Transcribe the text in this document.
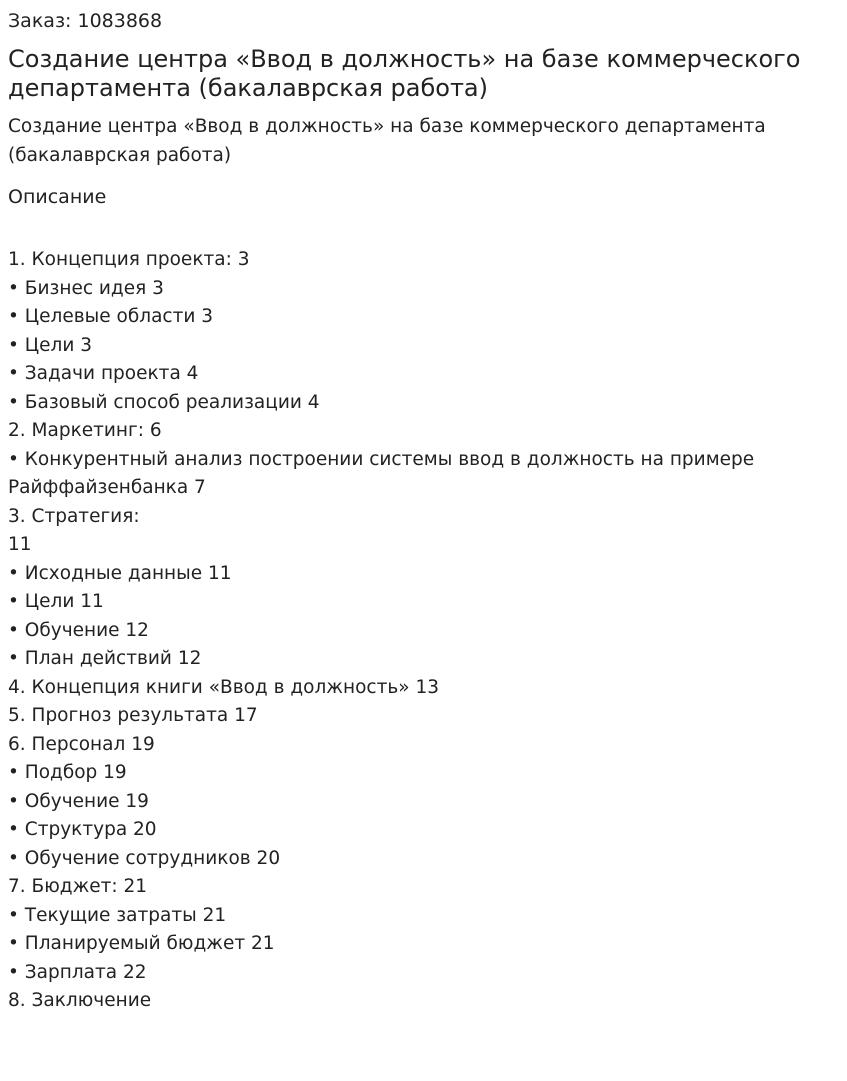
Заказ: 1083868
Создание центра «Ввод в должность» на базе коммерческого департамента (бакалаврская работа)
Создание центра «Ввод в должность» на базе коммерческого департамента (бакалаврская работа)
Описание
1. Концепция проекта: 3
• Бизнес идея 3
• Целевые области 3
• Цели 3
• Задачи проекта 4
• Базовый способ реализации 4
2. Маркетинг: 6
• Конкурентный анализ построении системы ввод в должность на примере
Райффайзенбанка 7
3. Стратегия:
11
• Исходные данные 11
• Цели 11
• Обучение 12
• План действий 12
4. Концепция книги «Ввод в должность» 13
5. Прогноз результата 17
6. Персонал 19
• Подбор 19
• Обучение 19
• Структура 20
• Обучение сотрудников 20
7. Бюджет: 21
• Текущие затраты 21
• Планируемый бюджет 21
• Зарплата 22
8. Заключение
